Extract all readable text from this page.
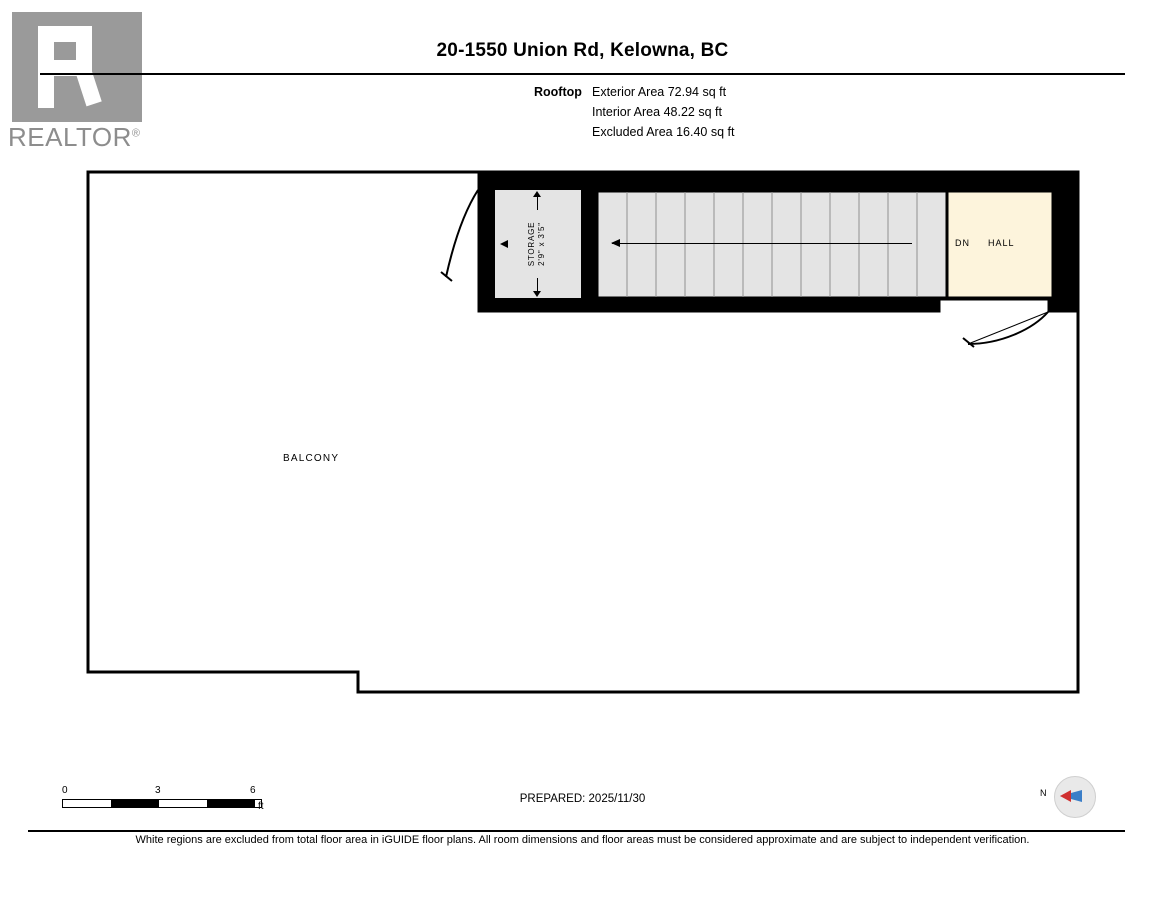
REALTOR®
20-1550 Union Rd, Kelowna, BC
Rooftop Exterior Area 72.94 sq ft
Interior Area 48.22 sq ft
Excluded Area 16.40 sq ft
BALCONY
STORAGE
2'9" x 3'5"	DN HALL
0	3	6
ft
PREPARED: 2025/11/30	N
White regions are excluded from total floor area in iGUIDE floor plans. All room dimensions and floor areas must be considered approximate and are subject to independent verification.
